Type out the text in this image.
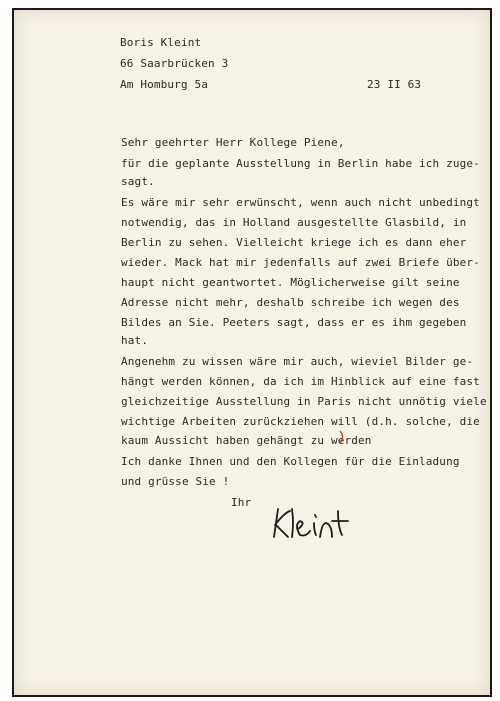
Boris Kleint
66 Saarbrücken 3
Am Homburg 5a	23 II 63
Sehr geehrter Herr Kollege Piene,
für die geplante Ausstellung in Berlin habe ich zuge-
sagt.
Es wäre mir sehr erwünscht, wenn auch nicht unbedingt
notwendig, das in Holland ausgestellte Glasbild, in
Berlin zu sehen. Vielleicht kriege ich es dann eher
wieder. Mack hat mir jedenfalls auf zwei Briefe über-
haupt nicht geantwortet. Möglicherweise gilt seine
Adresse nicht mehr, deshalb schreibe ich wegen des
Bildes an Sie. Peeters sagt, dass er es ihm gegeben
hat.
Angenehm zu wissen wäre mir auch, wieviel Bilder ge-
hängt werden können, da ich im Hinblick auf eine fast
gleichzeitige Ausstellung in Paris nicht unnötig viele
wichtige Arbeiten zurückziehen will (d.h. solche, die
kaum Aussicht haben gehängt zu werden
Ich danke Ihnen und den Kollegen für die Einladung
und grüsse Sie !
Ihr
